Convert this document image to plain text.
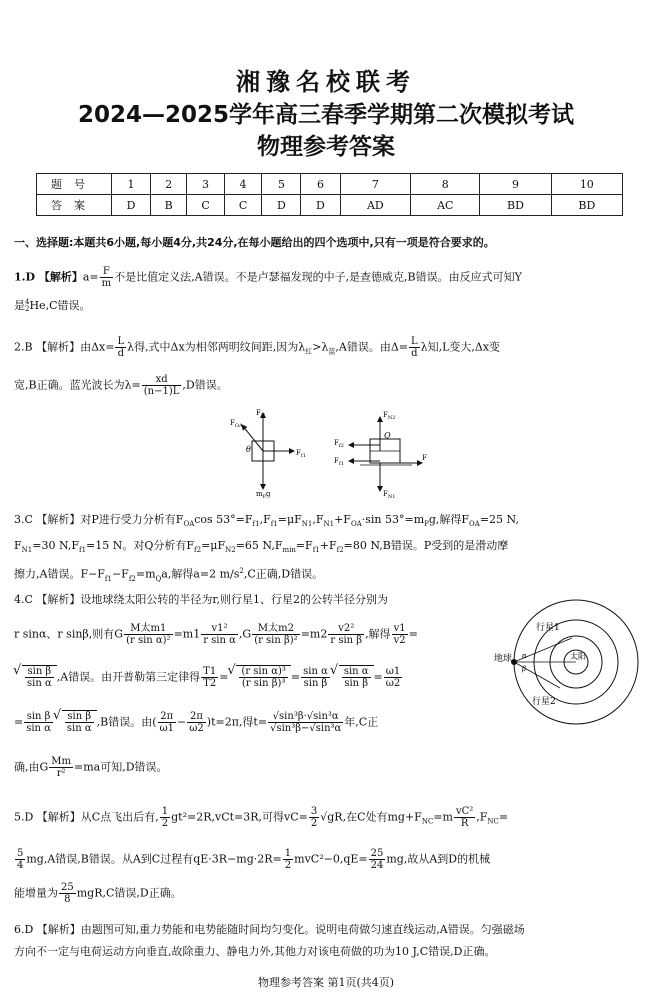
湘豫名校联考
2024—2025学年高三春季学期第二次模拟考试
物理参考答案
题号	1	2	3	4	5	6	7	8	9	10
答案	D	B	C	C	D	D	AD	AC	BD	BD
一、选择题:本题共6小题,每小题4分,共24分,在每小题给出的四个选项中,只有一项是符合要求的。
1.D 【解析】$a= \frac{F}{m}$ 不是比值定义法,A错误。不是卢瑟福发现的中子,是查德威克,B错误。由反应式可知Y
是 4
2 He,C错误。
2.B 【解析】由$\Delta x= \frac{L}{d}$ λ得,式中Δx为相邻两明纹间距,因为$\lambda_红>\lambda_蓝,A$错误。由$\Delta= \frac{L}{d}$ λ知,L变大,Δx变
宽,B正确。蓝光波长为$\lambda= \frac{xd}{(n-1)L} ,D$错误。
$F_N$
$F_{OA}$
θ	$F_{f1}$
$m_Pg$
$F_{N2}$
Q
$F_{f2}$
$F_{f1}$
F
$F_{N1}$
3.C 【解析】对P进行受力分析有$F_{OA}\cos$ $53^\circ=F_{f1},F_{f1}=\mu F_{N1},F_{N1}+F_{OA}\cdot\sin$ $53^\circ=m_Pg$,解得$F_{OA}=25$ N,
$F_{N1}=30$ $N,F_{f1}=15$ N。对Q分析有$F_{f2}=\mu F_{N2}=65$ $N,F_{min}=F_{f1}+F_{f2}=80$ N,B错误。P受到的是滑动摩
擦力,A错误。$F-F_{f1}-F_{f2}=m_Qa$,解得a=2 $m/s^2,C$正确,D错误。
4.C 【解析】设地球绕太阳公转的半径为r,则行星1、行星2的公转半径分别为
r sinα、r sinβ,则有G $\frac{\text{M太m1}}{\text{(r sin α)²}} =m1 \frac{\text{v1²}}{\text{r sin α}} ,G \frac{\text{M太m2}}{\text{(r sin β)²}} =m2 \frac{\text{v2²}}{\text{r sin β}}$ ,解得 $\frac{v1}{v2}$ =
√ $\frac{\text{sin β}}{\text{sin α}} ,A$错误。由开普勒第三定律得 $\frac{T1}{T2}$ = √ $\frac{\text{(r sin α)³}}{\text{(r sin β)³}} = \frac{\text{sin α}}{\text{sin β}}$ √ $\frac{\text{sin α}}{\text{sin β}} = \frac{\omega 1}{\omega 2}$
= $\frac{\text{sin β}}{\text{sin α}}$ √ $\frac{\text{sin β}}{\text{sin α}} ,B$错误。由( $\frac{2\pi}{\omega 1} - \frac{2\pi}{\omega 2} )t=2\pi$,得$t= \frac{\text{√sin³β·√sin³α}}{\text{√sin³β−√sin³α}}$ 年,C正
确,由G $\frac{Mm}{\text{r²}} =ma$可知,D错误。
行星1
行星2
地球	太阳
α
β
5.D 【解析】从C点飞出后有, $\frac{1}{2} gt^2=2R,vCt=3R$,可得$vC= \frac{3}{2} √gR$,在C处有$mg+F_{NC}=m \frac{\text{vC²}}{R} ,F_{NC}=$
$\frac{5}{4} mg,A$错误,B错误。从A到C过程有$qE\cdot 3R-mg\cdot 2R= \frac{1}{2} mvC^2-0,qE= \frac{25}{24}$ mg,故从A到D的机械
能增量为 $\frac{25}{8} mgR,C$错误,D正确。
6.D 【解析】由题图可知,重力势能和电势能随时间均匀变化。说明电荷做匀速直线运动,A错误。匀强磁场
方向不一定与电荷运动方向垂直,故除重力、静电力外,其他力对该电荷做的功为10 J,C错误,D正确。
物理参考答案 第1页(共4页)
